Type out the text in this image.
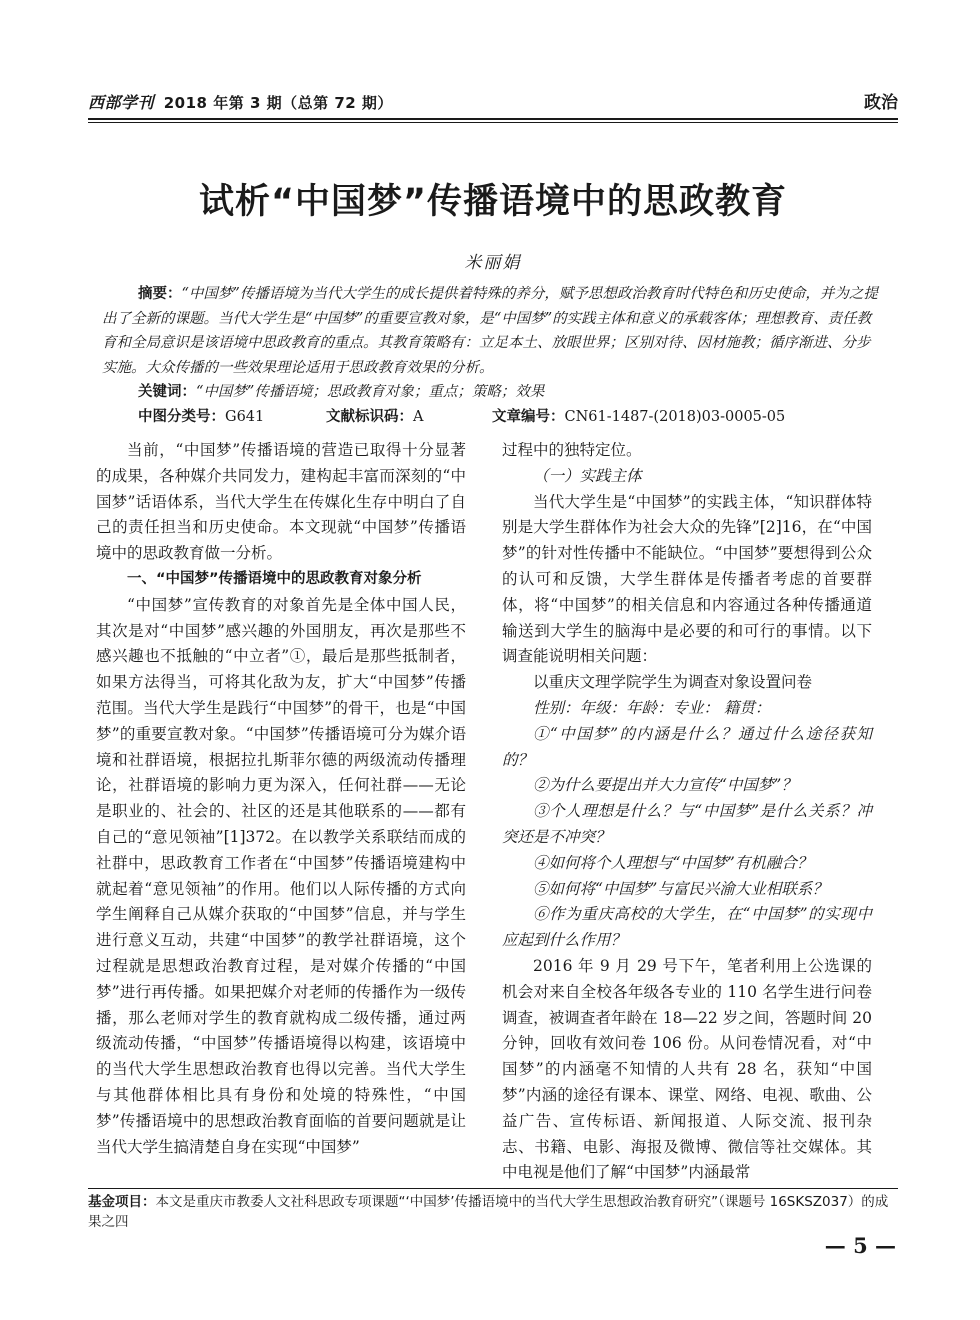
西部学刊 2018 年第 3 期（总第 72 期）	政治
试析“中国梦”传播语境中的思政教育
米丽娟

摘要：“中国梦”传播语境为当代大学生的成长提供着特殊的养分，赋予思想政治教育时代特色和历史使命，并为之提出了全新的课题。当代大学生是“中国梦”的重要宣教对象，是“中国梦”的实践主体和意义的承载客体；理想教育、责任教育和全局意识是该语境中思政教育的重点。其教育策略有：立足本土、放眼世界；区别对待、因材施教；循序渐进、分步实施。大众传播的一些效果理论适用于思政教育效果的分析。

关键词：“中国梦”传播语境；思政教育对象；重点；策略；效果

中图分类号：G641	文献标识码：A	文章编号：CN61-1487-(2018)03-0005-05

当前，“中国梦”传播语境的营造已取得十分显著的成果，各种媒介共同发力，建构起丰富而深刻的“中国梦”话语体系，当代大学生在传媒化生存中明白了自己的责任担当和历史使命。本文现就“中国梦”传播语境中的思政教育做一分析。

一、“中国梦”传播语境中的思政教育对象分析

“中国梦”宣传教育的对象首先是全体中国人民，其次是对“中国梦”感兴趣的外国朋友，再次是那些不感兴趣也不抵触的“中立者”①，最后是那些抵制者，如果方法得当，可将其化敌为友，扩大“中国梦”传播范围。当代大学生是践行“中国梦”的骨干，也是“中国梦”的重要宣教对象。“中国梦”传播语境可分为媒介语境和社群语境，根据拉扎斯菲尔德的两级流动传播理论，社群语境的影响力更为深入，任何社群——无论是职业的、社会的、社区的还是其他联系的——都有自己的“意见领袖”[1]372。在以教学关系联结而成的社群中，思政教育工作者在“中国梦”传播语境建构中就起着“意见领袖”的作用。他们以人际传播的方式向学生阐释自己从媒介获取的“中国梦”信息，并与学生进行意义互动，共建“中国梦”的教学社群语境，这个过程就是思想政治教育过程，是对媒介传播的“中国梦”进行再传播。如果把媒介对老师的传播作为一级传播，那么老师对学生的教育就构成二级传播，通过两级流动传播，“中国梦”传播语境得以构建，该语境中的当代大学生思想政治教育也得以完善。当代大学生与其他群体相比具有身份和处境的特殊性，“中国梦”传播语境中的思想政治教育面临的首要问题就是让当代大学生搞清楚自身在实现“中国梦”

过程中的独特定位。

（一）实践主体

当代大学生是“中国梦”的实践主体，“知识群体特别是大学生群体作为社会大众的先锋”[2]16，在“中国梦”的针对性传播中不能缺位。“中国梦”要想得到公众的认可和反馈，大学生群体是传播者考虑的首要群体，将“中国梦”的相关信息和内容通过各种传播通道输送到大学生的脑海中是必要的和可行的事情。以下调查能说明相关问题：

以重庆文理学院学生为调查对象设置问卷

性别：年级：年龄：专业： 籍贯：

①“中国梦”的内涵是什么？通过什么途径获知的？

②为什么要提出并大力宣传“中国梦”？

③个人理想是什么？与“中国梦”是什么关系？冲突还是不冲突？

④如何将个人理想与“中国梦”有机融合？

⑤如何将“中国梦”与富民兴渝大业相联系？

⑥作为重庆高校的大学生，在“中国梦”的实现中应起到什么作用？

2016 年 9 月 29 号下午，笔者利用上公选课的机会对来自全校各年级各专业的 110 名学生进行问卷调查，被调查者年龄在 18—22 岁之间，答题时间 20 分钟，回收有效问卷 106 份。从问卷情况看，对“中国梦”的内涵毫不知情的人共有 28 名，获知“中国梦”内涵的途径有课本、课堂、网络、电视、歌曲、公益广告、宣传标语、新闻报道、人际交流、报刊杂志、书籍、电影、海报及微博、微信等社交媒体。其中电视是他们了解“中国梦”内涵最常

基金项目：本文是重庆市教委人文社科思政专项课题“‘中国梦’传播语境中的当代大学生思想政治教育研究”（课题号 16SKSZ037）的成果之四
— 5 —
